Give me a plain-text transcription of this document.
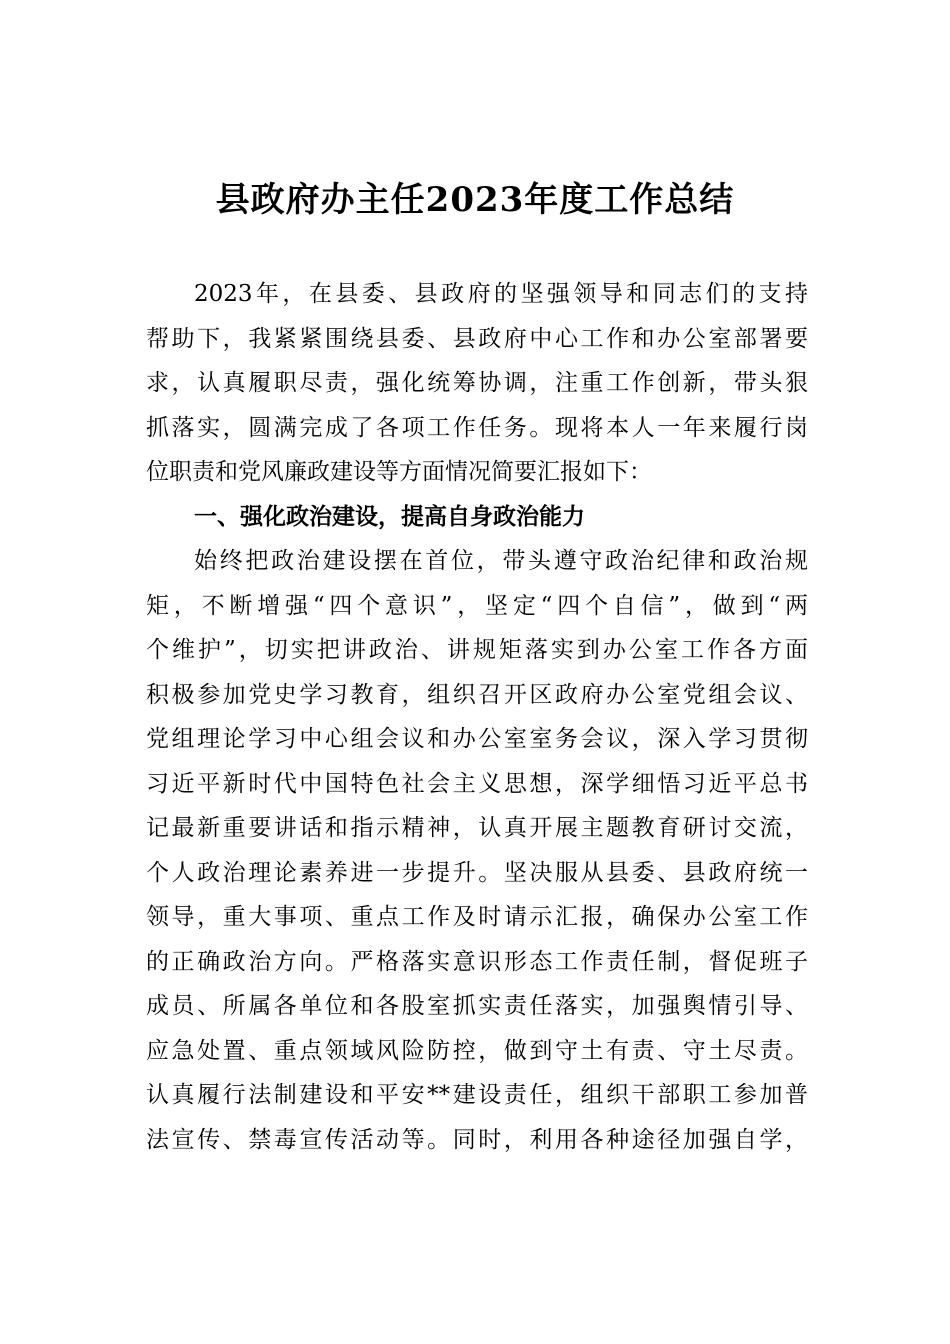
县政府办主任2023年度工作总结
2023年，在县委、县政府的坚强领导和同志们的支持
帮助下，我紧紧围绕县委、县政府中心工作和办公室部署要
求，认真履职尽责，强化统筹协调，注重工作创新，带头狠
抓落实，圆满完成了各项工作任务。现将本人一年来履行岗
位职责和党风廉政建设等方面情况简要汇报如下：
一、强化政治建设，提高自身政治能力
始终把政治建设摆在首位，带头遵守政治纪律和政治规
矩，不断增强“四个意识”，坚定“四个自信”，做到“两
个维护”，切实把讲政治、讲规矩落实到办公室工作各方面
积极参加党史学习教育，组织召开区政府办公室党组会议、
党组理论学习中心组会议和办公室室务会议，深入学习贯彻
习近平新时代中国特色社会主义思想，深学细悟习近平总书
记最新重要讲话和指示精神，认真开展主题教育研讨交流，
个人政治理论素养进一步提升。坚决服从县委、县政府统一
领导，重大事项、重点工作及时请示汇报，确保办公室工作
的正确政治方向。严格落实意识形态工作责任制，督促班子
成员、所属各单位和各股室抓实责任落实，加强舆情引导、
应急处置、重点领域风险防控，做到守土有责、守土尽责。
认真履行法制建设和平安**建设责任，组织干部职工参加普
法宣传、禁毒宣传活动等。同时，利用各种途径加强自学，
